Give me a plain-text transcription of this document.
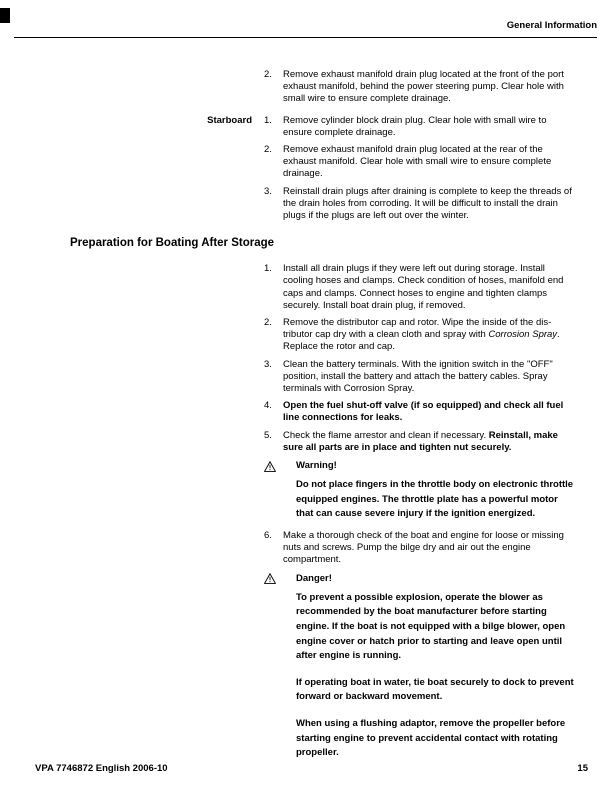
General Information
2.	Remove exhaust manifold drain plug located at the front of the port exhaust manifold, behind the power steering pump. Clear hole with small wire to ensure complete drainage.

Starboard	1.	Remove cylinder block drain plug. Clear hole with small wire to ensure complete drainage.

2.	Remove exhaust manifold drain plug located at the rear of the exhaust manifold. Clear hole with small wire to ensure complete drainage.

3.	Reinstall drain plugs after draining is complete to keep the threads of the drain holes from corroding. It will be difficult to install the drain plugs if the plugs are left out over the winter.

Preparation for Boating After Storage
1.	Install all drain plugs if they were left out during storage. Install cooling hoses and clamps. Check condition of hoses, manifold end caps and clamps. Connect hoses to engine and tighten clamps securely. Install boat drain plug, if removed.

2.	Remove the distributor cap and rotor. Wipe the inside of the dis-tributor cap dry with a clean cloth and spray with Corrosion Spray. Replace the rotor and cap.

3.	Clean the battery terminals. With the ignition switch in the "OFF" position, install the battery and attach the battery cables. Spray terminals with Corrosion Spray.

4.	Open the fuel shut-off valve (if so equipped) and check all fuel line connections for leaks.

5.	Check the flame arrestor and clean if necessary. Reinstall, make sure all parts are in place and tighten nut securely.

Warning!

Do not place fingers in the throttle body on electronic throttle equipped engines. The throttle plate has a powerful motor that can cause severe injury if the ignition energized.

6.	Make a thorough check of the boat and engine for loose or missing nuts and screws. Pump the bilge dry and air out the engine compartment.

Danger!

To prevent a possible explosion, operate the blower as recommended by the boat manufacturer before starting engine. If the boat is not equipped with a bilge blower, open engine cover or hatch prior to starting and leave open until after engine is running.

If operating boat in water, tie boat securely to dock to prevent forward or backward movement.

When using a flushing adaptor, remove the propeller before starting engine to prevent accidental contact with rotating propeller.

VPA 7746872 English 2006-10	15
